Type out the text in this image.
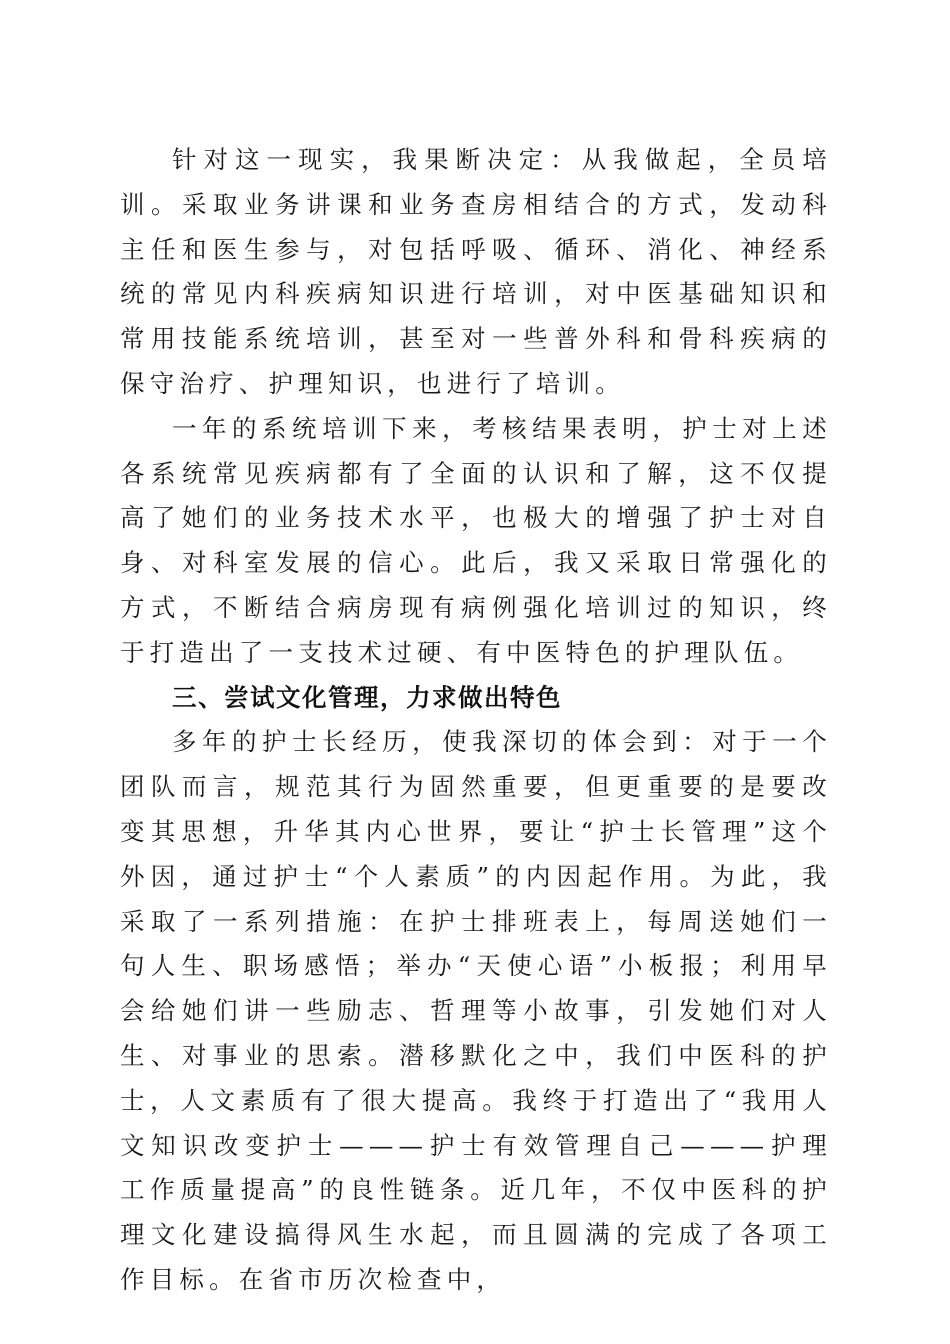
针对这一现实，我果断决定：从我做起，全员培训。采取业务讲课和业务查房相结合的方式，发动科主任和医生参与，对包括呼吸、循环、消化、神经系统的常见内科疾病知识进行培训，对中医基础知识和常用技能系统培训，甚至对一些普外科和骨科疾病的保守治疗、护理知识，也进行了培训。

一年的系统培训下来，考核结果表明，护士对上述各系统常见疾病都有了全面的认识和了解，这不仅提高了她们的业务技术水平，也极大的增强了护士对自身、对科室发展的信心。此后，我又采取日常强化的方式，不断结合病房现有病例强化培训过的知识，终于打造出了一支技术过硬、有中医特色的护理队伍。

三、尝试文化管理，力求做出特色

多年的护士长经历，使我深切的体会到：对于一个团队而言，规范其行为固然重要，但更重要的是要改变其思想，升华其内心世界，要让“护士长管理”这个外因，通过护士“个人素质”的内因起作用。为此，我采取了一系列措施：在护士排班表上，每周送她们一句人生、职场感悟；举办“天使心语”小板报；利用早会给她们讲一些励志、哲理等小故事，引发她们对人生、对事业的思索。潜移默化之中，我们中医科的护士，人文素质有了很大提高。我终于打造出了“我用人文知识改变护士———护士有效管理自己———护理工作质量提高”的良性链条。近几年，不仅中医科的护理文化建设搞得风生水起，而且圆满的完成了各项工作目标。在省市历次检查中，
